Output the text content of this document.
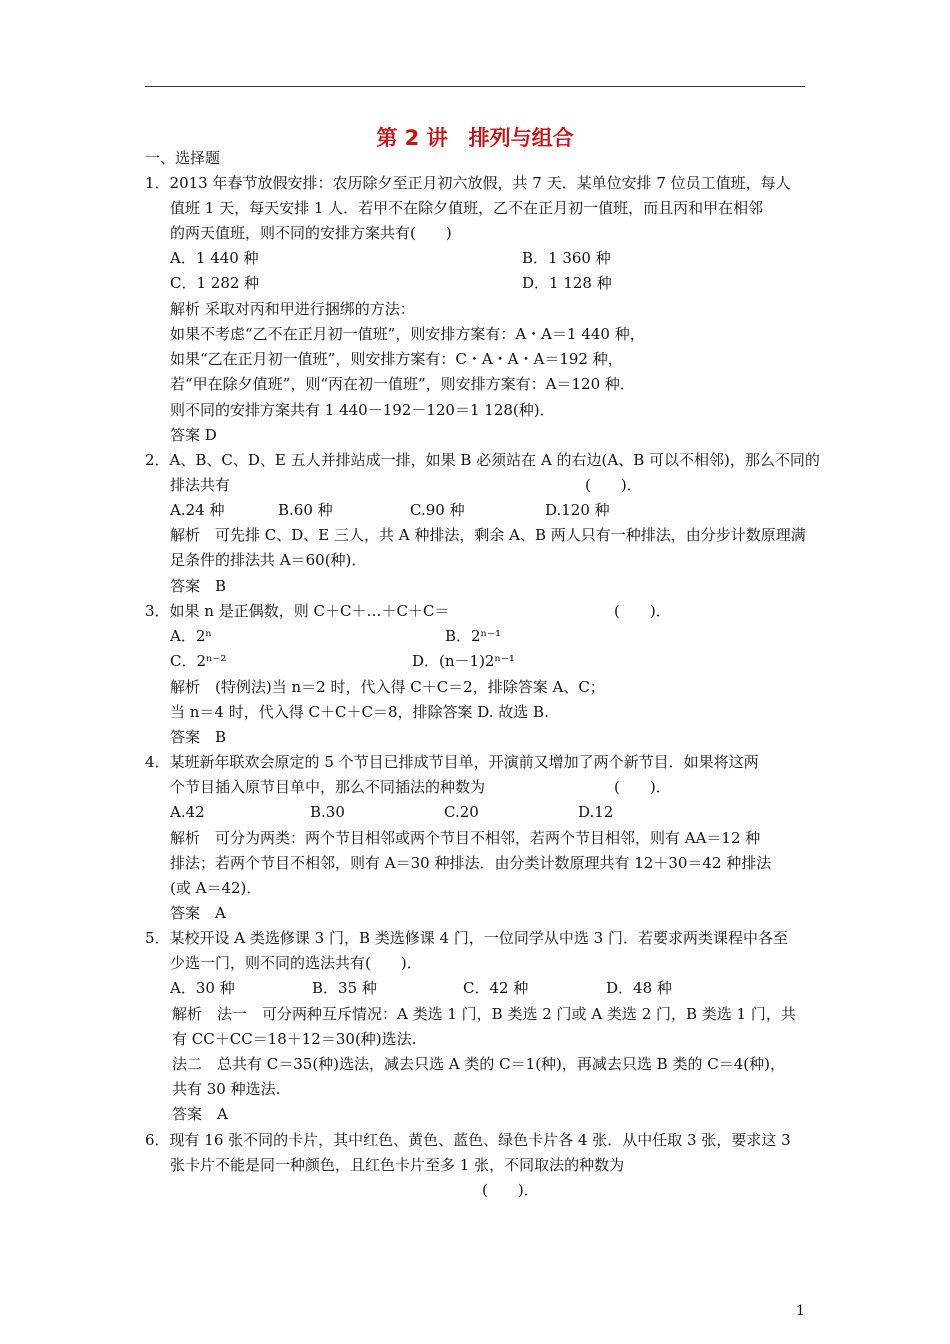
第 2 讲　排列与组合
一、选择题
1．2013 年春节放假安排：农历除夕至正月初六放假，共 7 天．某单位安排 7 位员工值班，每人
值班 1 天，每天安排 1 人．若甲不在除夕值班，乙不在正月初一值班，而且丙和甲在相邻
的两天值班，则不同的安排方案共有(　　)
A．1 440 种	B．1 360 种
C．1 282 种	D．1 128 种
解析 采取对丙和甲进行捆绑的方法：
如果不考虑“乙不在正月初一值班”，则安排方案有：A・A＝1 440 种，
如果“乙在正月初一值班”，则安排方案有：C・A・A・A＝192 种，
若“甲在除夕值班”，则“丙在初一值班”，则安排方案有：A＝120 种．
则不同的安排方案共有 1 440－192－120＝1 128(种)．
答案 D
2．A、B、C、D、E 五人并排站成一排，如果 B 必须站在 A 的右边(A、B 可以不相邻)，那么不同的
排法共有	(　　)．
A.24 种	B.60 种	C.90 种	D.120 种
解析　可先排 C、D、E 三人，共 A 种排法，剩余 A、B 两人只有一种排法，由分步计数原理满
足条件的排法共 A＝60(种)．
答案　B
3．如果 n 是正偶数，则 C＋C＋…＋C＋C＝	(　　)．
A．2ⁿ	B．2ⁿ⁻¹
C．2ⁿ⁻²	D．(n－1)2ⁿ⁻¹
解析　(特例法)当 n＝2 时，代入得 C＋C＝2，排除答案 A、C；
当 n＝4 时，代入得 C＋C＋C＝8，排除答案 D. 故选 B.
答案　B
4．某班新年联欢会原定的 5 个节目已排成节目单，开演前又增加了两个新节目．如果将这两
个节目插入原节目单中，那么不同插法的种数为	(　　)．
A.42	B.30	C.20	D.12
解析　可分为两类：两个节目相邻或两个节目不相邻，若两个节目相邻，则有 AA＝12 种
排法；若两个节目不相邻，则有 A＝30 种排法．由分类计数原理共有 12＋30＝42 种排法
(或 A＝42)．
答案　A
5．某校开设 A 类选修课 3 门，B 类选修课 4 门，一位同学从中选 3 门．若要求两类课程中各至
少选一门，则不同的选法共有(　　)．
A．30 种	B．35 种	C．42 种	D．48 种
解析　法一　可分两种互斥情况：A 类选 1 门，B 类选 2 门或 A 类选 2 门，B 类选 1 门，共
有 CC＋CC＝18＋12＝30(种)选法.
法二　总共有 C＝35(种)选法，减去只选 A 类的 C＝1(种)，再减去只选 B 类的 C＝4(种)，
共有 30 种选法.
答案　A
6．现有 16 张不同的卡片，其中红色、黄色、蓝色、绿色卡片各 4 张．从中任取 3 张，要求这 3
张卡片不能是同一种颜色，且红色卡片至多 1 张，不同取法的种数为
(　　)．
1
